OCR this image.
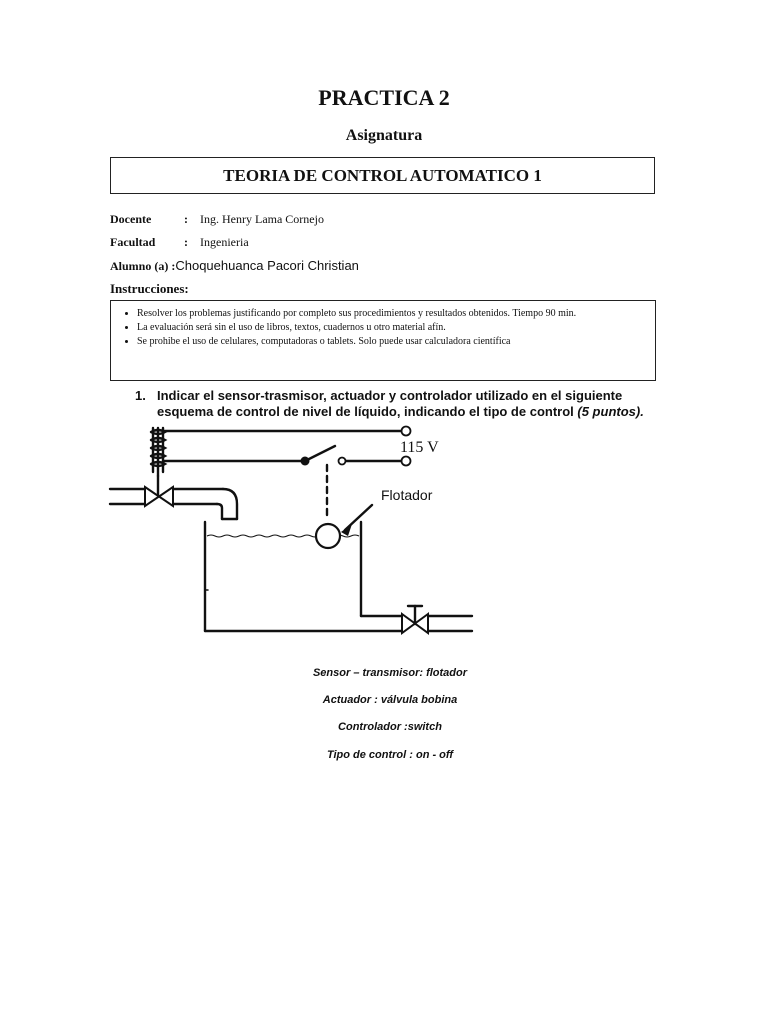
PRACTICA 2
Asignatura
TEORIA DE CONTROL AUTOMATICO 1
Docente	: Ing. Henry Lama Cornejo
Facultad : Ingenieria
Alumno (a) :Choquehuanca Pacori Christian
Instrucciones:
• Resolver los problemas justificando por completo sus procedimientos y resultados obtenidos. Tiempo 90 min.
• La evaluación será sin el uso de libros, textos, cuadernos u otro material afín.
• Se prohibe el uso de celulares, computadoras o tablets. Solo puede usar calculadora científica
1. Indicar el sensor-trasmisor, actuador y controlador utilizado en el siguiente esquema de control de nivel de líquido, indicando el tipo de control (5 puntos).
115 V
Flotador
Sensor – transmisor: flotador
Actuador : válvula bobina
Controlador :switch
Tipo de control : on - off
